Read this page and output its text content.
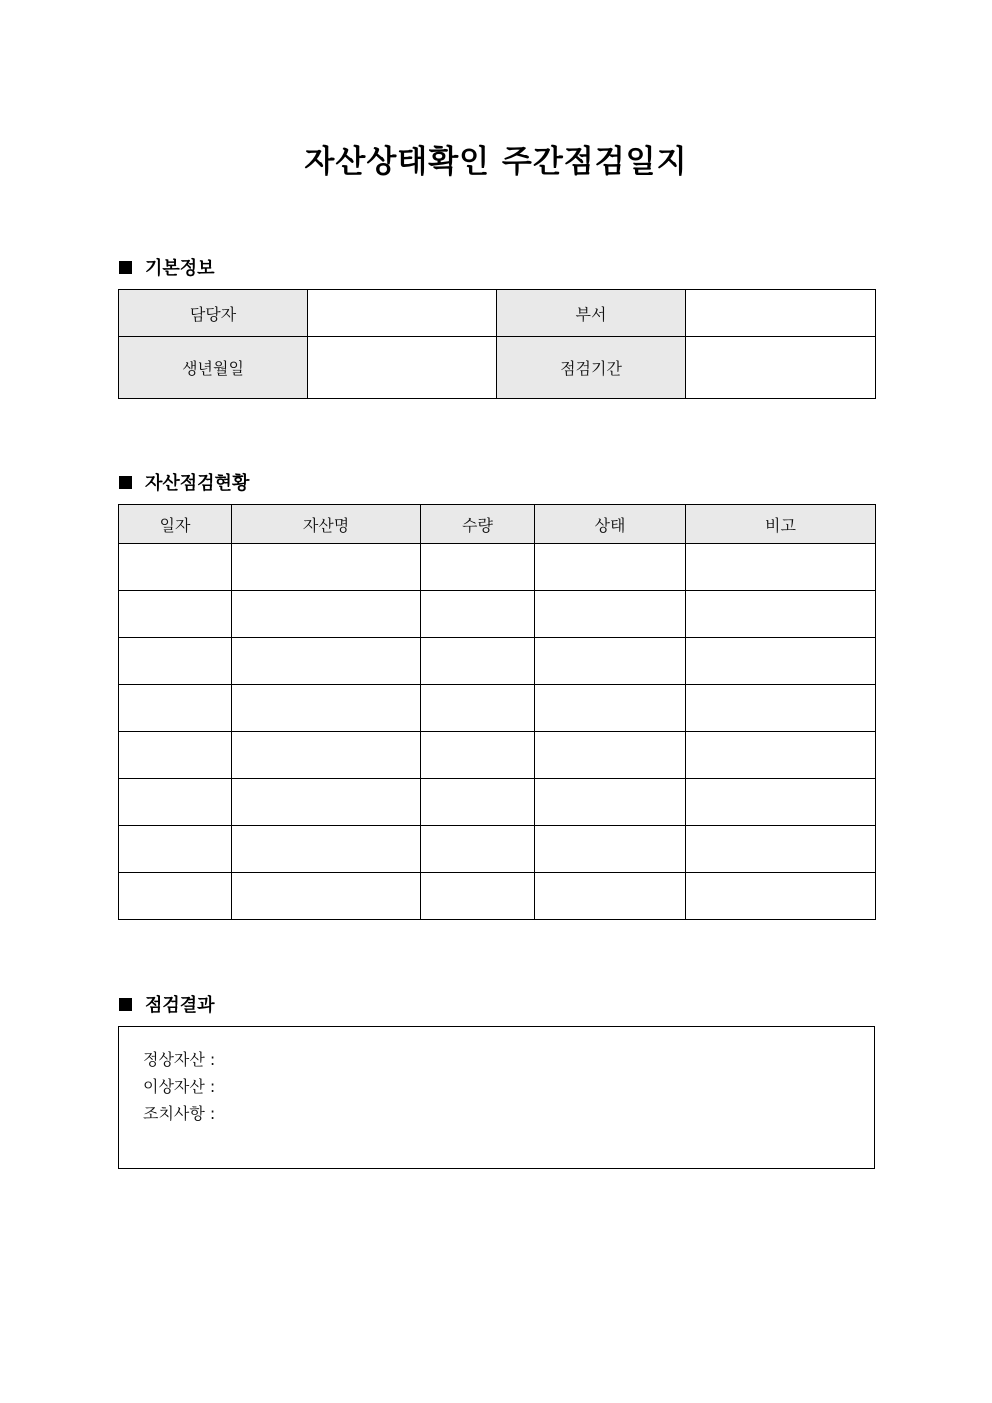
자산상태확인 주간점검일지
기본정보
담당자		부서	
생년월일		점검기간	
자산점검현황
일자	자산명	수량	상태	비고

점검결과
정상자산 :
이상자산 :
조치사항 :
